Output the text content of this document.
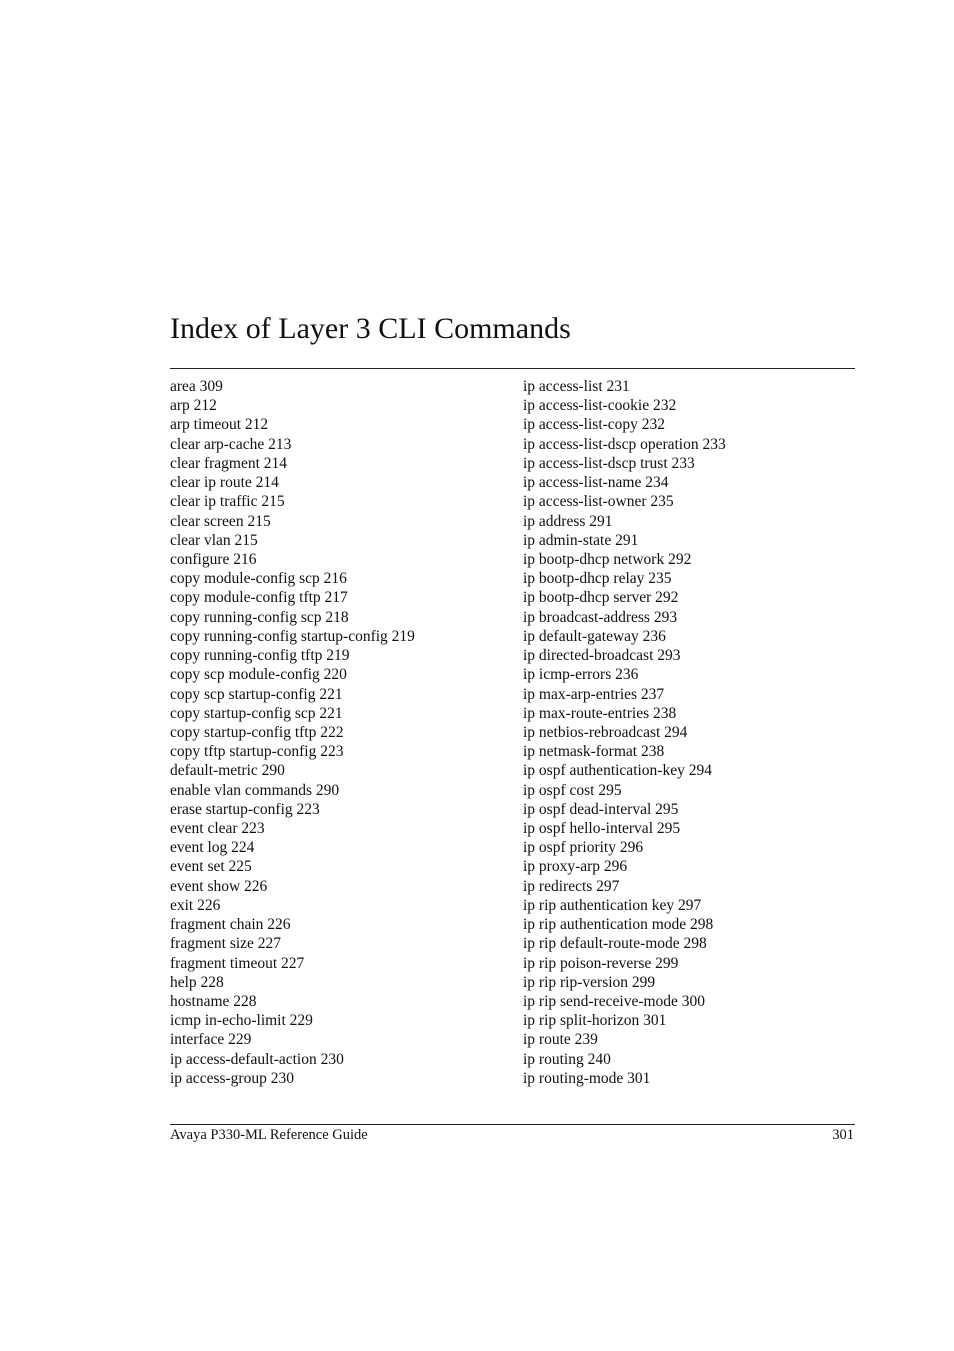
Index of Layer 3 CLI Commands
area 309
arp 212
arp timeout 212
clear arp-cache 213
clear fragment 214
clear ip route 214
clear ip traffic 215
clear screen 215
clear vlan 215
configure 216
copy module-config scp 216
copy module-config tftp 217
copy running-config scp 218
copy running-config startup-config 219
copy running-config tftp 219
copy scp module-config 220
copy scp startup-config 221
copy startup-config scp 221
copy startup-config tftp 222
copy tftp startup-config 223
default-metric 290
enable vlan commands 290
erase startup-config 223
event clear 223
event log 224
event set 225
event show 226
exit 226
fragment chain 226
fragment size 227
fragment timeout 227
help 228
hostname 228
icmp in-echo-limit 229
interface 229
ip access-default-action 230
ip access-group 230
ip access-list 231
ip access-list-cookie 232
ip access-list-copy 232
ip access-list-dscp operation 233
ip access-list-dscp trust 233
ip access-list-name 234
ip access-list-owner 235
ip address 291
ip admin-state 291
ip bootp-dhcp network 292
ip bootp-dhcp relay 235
ip bootp-dhcp server 292
ip broadcast-address 293
ip default-gateway 236
ip directed-broadcast 293
ip icmp-errors 236
ip max-arp-entries 237
ip max-route-entries 238
ip netbios-rebroadcast 294
ip netmask-format 238
ip ospf authentication-key 294
ip ospf cost 295
ip ospf dead-interval 295
ip ospf hello-interval 295
ip ospf priority 296
ip proxy-arp 296
ip redirects 297
ip rip authentication key 297
ip rip authentication mode 298
ip rip default-route-mode 298
ip rip poison-reverse 299
ip rip rip-version 299
ip rip send-receive-mode 300
ip rip split-horizon 301
ip route 239
ip routing 240
ip routing-mode 301
Avaya P330-ML Reference Guide	301
